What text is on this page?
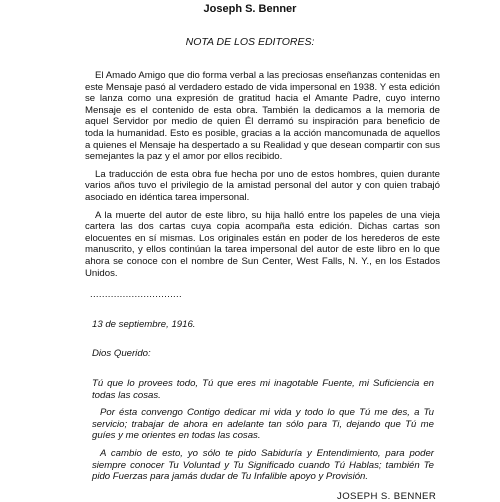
Joseph S. Benner
NOTA DE LOS EDITORES:

El Amado Amigo que dio forma verbal a las preciosas enseñanzas contenidas en este Mensaje pasó al verdadero estado de vida impersonal en 1938. Y esta edición se lanza como una expresión de gratitud hacia el Amante Padre, cuyo interno Mensaje es el contenido de esta obra. También la dedicamos a la memoria de aquel Servidor por medio de quien Él derramó su inspiración para beneficio de toda la humanidad. Esto es posible, gracias a la acción mancomunada de aquellos a quienes el Mensaje ha despertado a su Realidad y que desean compartir con sus semejantes la paz y el amor por ellos recibido.

La traducción de esta obra fue hecha por uno de estos hombres, quien durante varios años tuvo el privilegio de la amistad personal del autor y con quien trabajó asociado en idéntica tarea impersonal.

A la muerte del autor de este libro, su hija halló entre los papeles de una vieja cartera las dos cartas cuya copia acompaña esta edición. Dichas cartas son elocuentes en sí mismas. Los originales están en poder de los herederos de este manuscrito, y ellos continúan la tarea impersonal del autor de este libro en lo que ahora se conoce con el nombre de Sun Center, West Falls, N. Y., en los Estados Unidos.

...............................

13 de septiembre, 1916.

Dios Querido:

Tú que lo provees todo, Tú que eres mi inagotable Fuente, mi Suficiencia en todas las cosas.

Por ésta convengo Contigo dedicar mi vida y todo lo que Tú me des, a Tu servicio; trabajar de ahora en adelante tan sólo para Ti, dejando que Tú me guíes y me orientes en todas las cosas.

A cambio de esto, yo sólo te pido Sabiduría y Entendimiento, para poder siempre conocer Tu Voluntad y Tu Significado cuando Tú Hablas; también Te pido Fuerzas para jamás dudar de Tu Infalible apoyo y Provisión.

JOSEPH S. BENNER
